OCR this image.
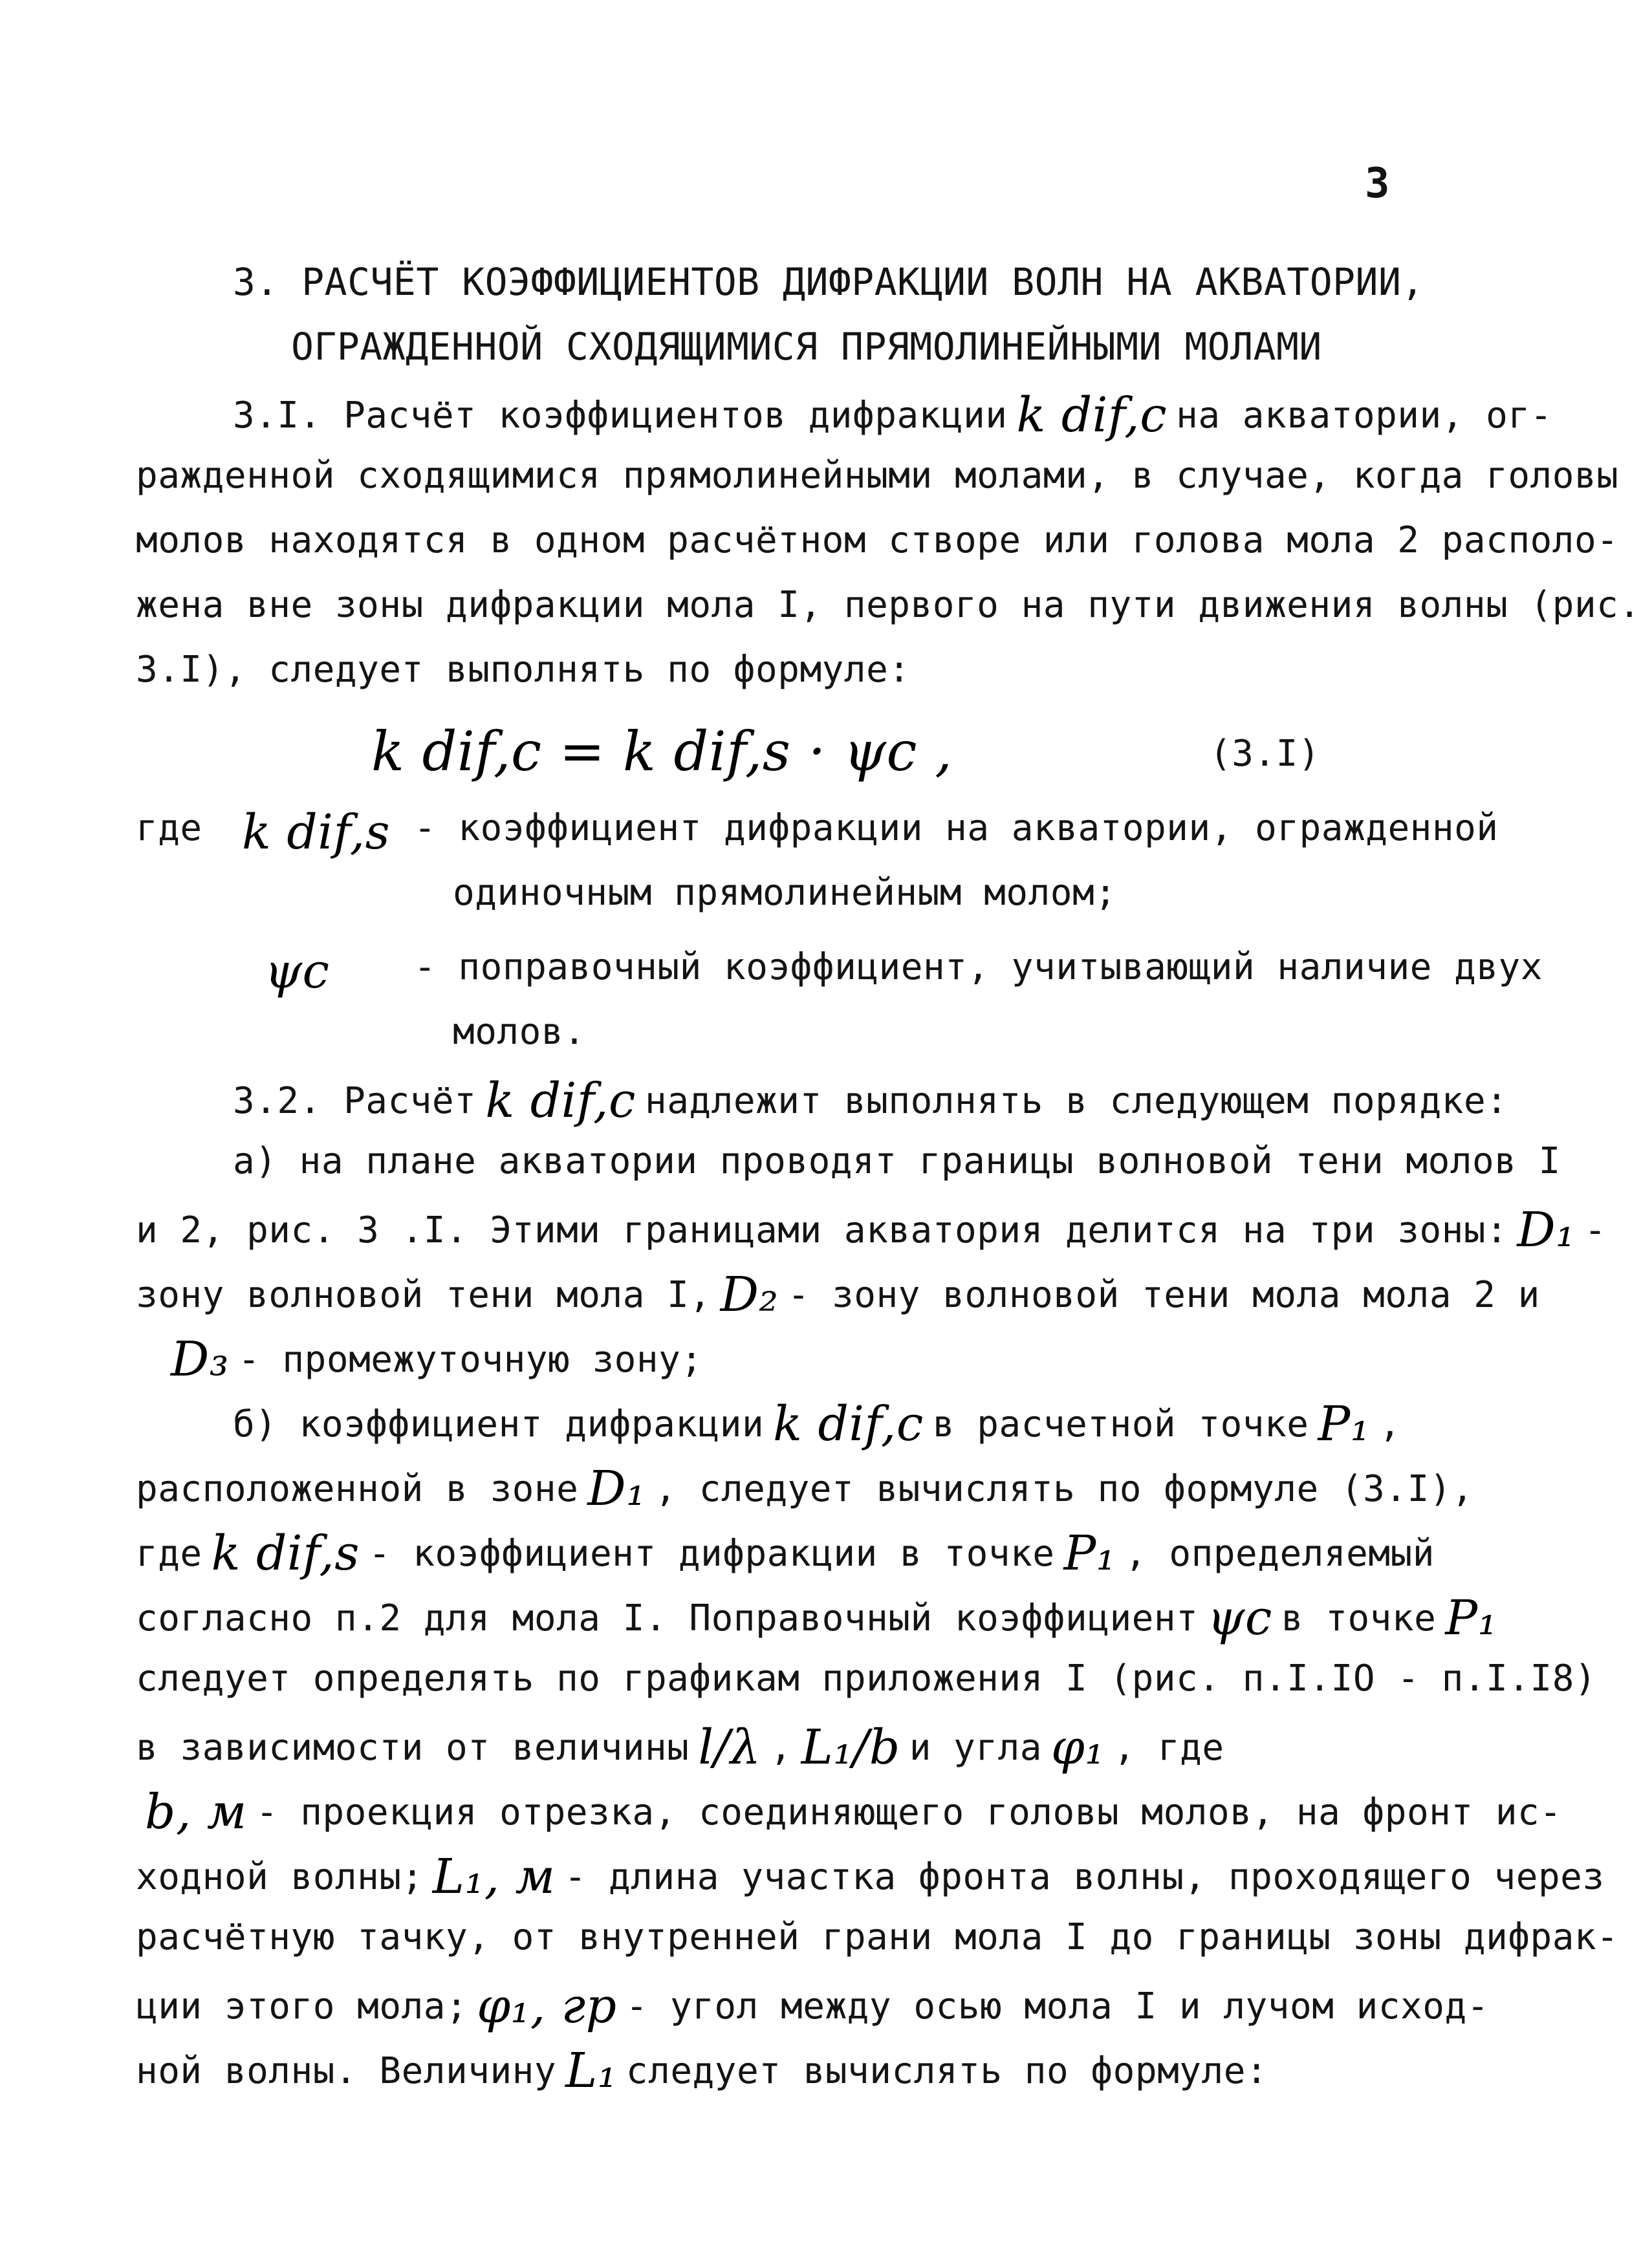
3
3. РАСЧЁТ КОЭФФИЦИЕНТОВ ДИФРАКЦИИ ВОЛН НА АКВАТОРИИ,
ОГРАЖДЕННОЙ СХОДЯЩИМИСЯ ПРЯМОЛИНЕЙНЫМИ МОЛАМИ
3.I. Расчёт коэффициентов дифракции k dif,c на акватории, ог-
ражденной сходящимися прямолинейными молами, в случае, когда головы
молов находятся в одном расчётном створе или голова мола 2 располо-
жена вне зоны дифракции мола I, первого на пути движения волны (рис.
3.I), следует выполнять по формуле:
k dif,c = k dif,s · ψc ,	(3.I)
где k dif,s - коэффициент дифракции на акватории, огражденной
одиночным прямолинейным молом;
ψc - поправочный коэффициент, учитывающий наличие двух
молов.
3.2. Расчёт k dif,c надлежит выполнять в следующем порядке:
а) на плане акватории проводят границы волновой тени молов I
и 2, рис. 3 .I. Этими границами акватория делится на три зоны: D₁ -
зону волновой тени мола I, D₂ - зону волновой тени мола мола 2 и
D₃ - промежуточную зону;
б) коэффициент дифракции k dif,c в расчетной точке P₁ ,
расположенной в зоне D₁ , следует вычислять по формуле (3.I),
где k dif,s - коэффициент дифракции в точке P₁ , определяемый
согласно п.2 для мола I. Поправочный коэффициент ψc в точке P₁
следует определять по графикам приложения I (рис. п.I.IO - п.I.I8)
в зависимости от величины l/λ , L₁/b и угла φ₁ , где
b, м - проекция отрезка, соединяющего головы молов, на фронт ис-
ходной волны; L₁, м - длина участка фронта волны, проходящего через
расчётную тачку, от внутренней грани мола I до границы зоны дифрак-
ции этого мола; φ₁, гр - угол между осью мола I и лучом исход-
ной волны. Величину L₁ следует вычислять по формуле:
